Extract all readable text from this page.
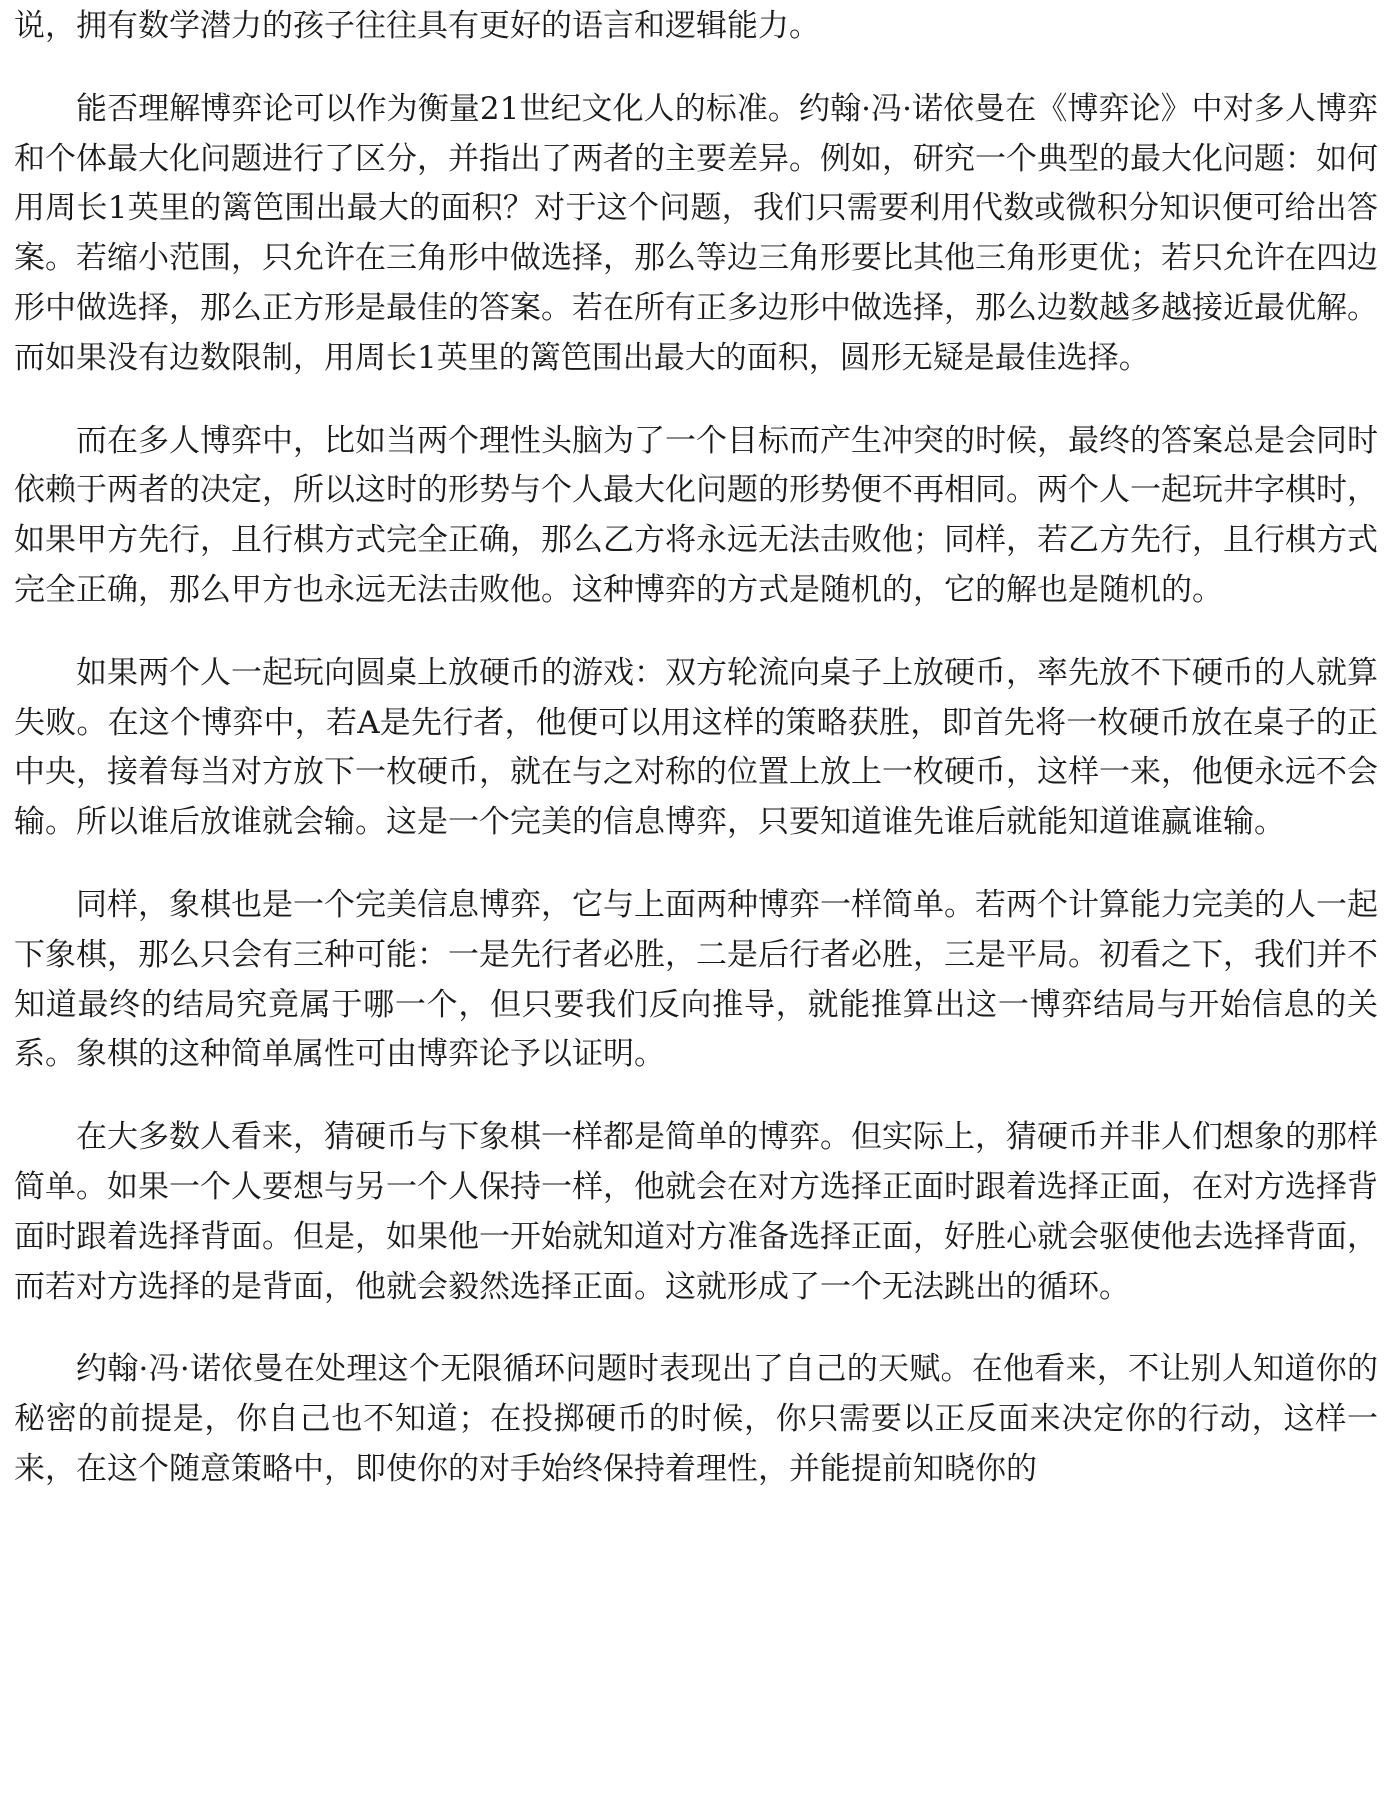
说，拥有数学潜力的孩子往往具有更好的语言和逻辑能力。

能否理解博弈论可以作为衡量21世纪文化人的标准。约翰·冯·诺依曼在《博弈论》中对多人博弈和个体最大化问题进行了区分，并指出了两者的主要差异。例如，研究一个典型的最大化问题：如何用周长1英里的篱笆围出最大的面积？对于这个问题，我们只需要利用代数或微积分知识便可给出答案。若缩小范围，只允许在三角形中做选择，那么等边三角形要比其他三角形更优；若只允许在四边形中做选择，那么正方形是最佳的答案。若在所有正多边形中做选择，那么边数越多越接近最优解。而如果没有边数限制，用周长1英里的篱笆围出最大的面积，圆形无疑是最佳选择。

而在多人博弈中，比如当两个理性头脑为了一个目标而产生冲突的时候，最终的答案总是会同时依赖于两者的决定，所以这时的形势与个人最大化问题的形势便不再相同。两个人一起玩井字棋时，如果甲方先行，且行棋方式完全正确，那么乙方将永远无法击败他；同样，若乙方先行，且行棋方式完全正确，那么甲方也永远无法击败他。这种博弈的方式是随机的，它的解也是随机的。

如果两个人一起玩向圆桌上放硬币的游戏：双方轮流向桌子上放硬币，率先放不下硬币的人就算失败。在这个博弈中，若A是先行者，他便可以用这样的策略获胜，即首先将一枚硬币放在桌子的正中央，接着每当对方放下一枚硬币，就在与之对称的位置上放上一枚硬币，这样一来，他便永远不会输。所以谁后放谁就会输。这是一个完美的信息博弈，只要知道谁先谁后就能知道谁赢谁输。

同样，象棋也是一个完美信息博弈，它与上面两种博弈一样简单。若两个计算能力完美的人一起下象棋，那么只会有三种可能：一是先行者必胜，二是后行者必胜，三是平局。初看之下，我们并不知道最终的结局究竟属于哪一个，但只要我们反向推导，就能推算出这一博弈结局与开始信息的关系。象棋的这种简单属性可由博弈论予以证明。

在大多数人看来，猜硬币与下象棋一样都是简单的博弈。但实际上，猜硬币并非人们想象的那样简单。如果一个人要想与另一个人保持一样，他就会在对方选择正面时跟着选择正面，在对方选择背面时跟着选择背面。但是，如果他一开始就知道对方准备选择正面，好胜心就会驱使他去选择背面，而若对方选择的是背面，他就会毅然选择正面。这就形成了一个无法跳出的循环。

约翰·冯·诺依曼在处理这个无限循环问题时表现出了自己的天赋。在他看来，不让别人知道你的秘密的前提是，你自己也不知道；在投掷硬币的时候，你只需要以正反面来决定你的行动，这样一来，在这个随意策略中，即使你的对手始终保持着理性，并能提前知晓你的
